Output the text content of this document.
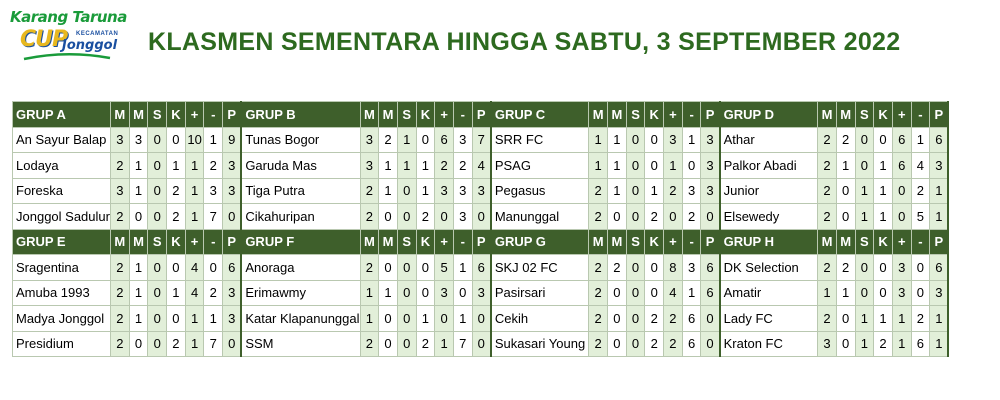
Karang Taruna
CUP KECAMATAN
Jonggol KLASMEN SEMENTARA HINGGA SABTU, 3 SEPTEMBER 2022
GRUP A	M	M	S	K	+	-	P	GRUP B	M	M	S	K	+	-	P	GRUP C	M	M	S	K	+	-	P	GRUP D	M	M	S	K	+	-	P
An Sayur Balap	3	3	0	0	10	1	9	Tunas Bogor	3	2	1	0	6	3	7	SRR FC	1	1	0	0	3	1	3	Athar	2	2	0	0	6	1	6
Lodaya	2	1	0	1	1	2	3	Garuda Mas	3	1	1	1	2	2	4	PSAG	1	1	0	0	1	0	3	Palkor Abadi	2	1	0	1	6	4	3
Foreska	3	1	0	2	1	3	3	Tiga Putra	2	1	0	1	3	3	3	Pegasus	2	1	0	1	2	3	3	Junior	2	0	1	1	0	2	1
Jonggol Sadulur	2	0	0	2	1	7	0	Cikahuripan	2	0	0	2	0	3	0	Manunggal	2	0	0	2	0	2	0	Elsewedy	2	0	1	1	0	5	1
GRUP E	M	M	S	K	+	-	P	GRUP F	M	M	S	K	+	-	P	GRUP G	M	M	S	K	+	-	P	GRUP H	M	M	S	K	+	-	P
Sragentina	2	1	0	0	4	0	6	Anoraga	2	0	0	0	5	1	6	SKJ 02 FC	2	2	0	0	8	3	6	DK Selection	2	2	0	0	3	0	6
Amuba 1993	2	1	0	1	4	2	3	Erimawmy	1	1	0	0	3	0	3	Pasirsari	2	0	0	0	4	1	6	Amatir	1	1	0	0	3	0	3
Madya Jonggol	2	1	0	0	1	1	3	Katar Klapanunggal	1	0	0	1	0	1	0	Cekih	2	0	0	2	2	6	0	Lady FC	2	0	1	1	1	2	1
Presidium	2	0	0	2	1	7	0	SSM	2	0	0	2	1	7	0	Sukasari Young	2	0	0	2	2	6	0	Kraton FC	3	0	1	2	1	6	1
